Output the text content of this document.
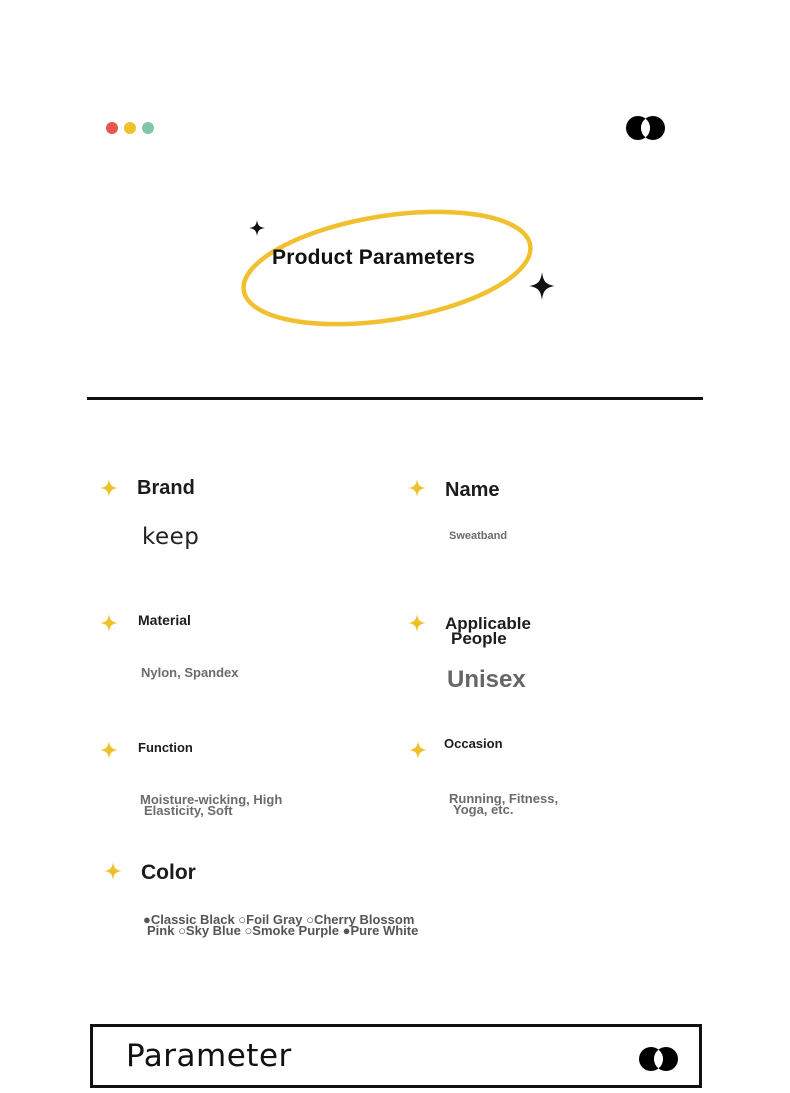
Product Parameters
Brand
keep
Name
Sweatband
Material
Nylon, Spandex
Applicable
People
Unisex
Function
Moisture-wicking, High
Elasticity, Soft
Occasion
Running, Fitness,
Yoga, etc.
Color
●Classic Black ○Foil Gray ○Cherry Blossom
Pink ○Sky Blue ○Smoke Purple ●Pure White
Parameter
